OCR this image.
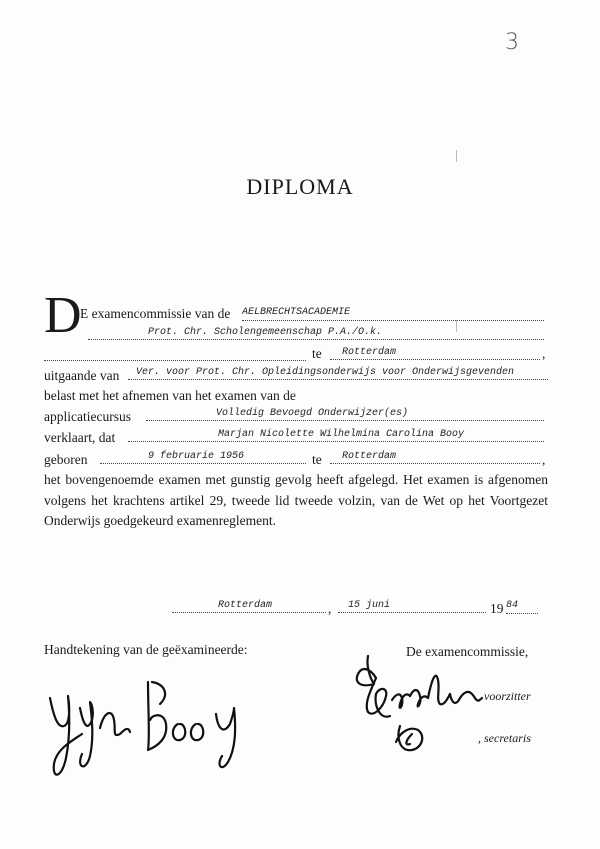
3
DIPLOMA
D
E examencommissie van de AELBRECHTSACADEMIE
Prot. Chr. Scholengemeenschap P.A./O.k.
te	Rotterdam	,
uitgaande van	Ver. voor Prot. Chr. Opleidingsonderwijs voor Onderwijsgevenden
belast met het afnemen van het examen van de
applicatiecursus	Volledig Bevoegd Onderwijzer(es)
verklaart, dat	Marjan Nicolette Wilhelmina Carolina Booy
geboren	9 februarie 1956	te	Rotterdam	,
het bovengenoemde examen met gunstig gevolg heeft afgelegd. Het examen is afgenomen volgens het krachtens artikel 29, tweede lid tweede volzin, van de Wet op het Voortgezet Onderwijs goedgekeurd examenreglement.
Rotterdam	,	15 juni	19 84
Handtekening van de geëxamineerde:	De examencommissie,
, voorzitter
, secretaris
